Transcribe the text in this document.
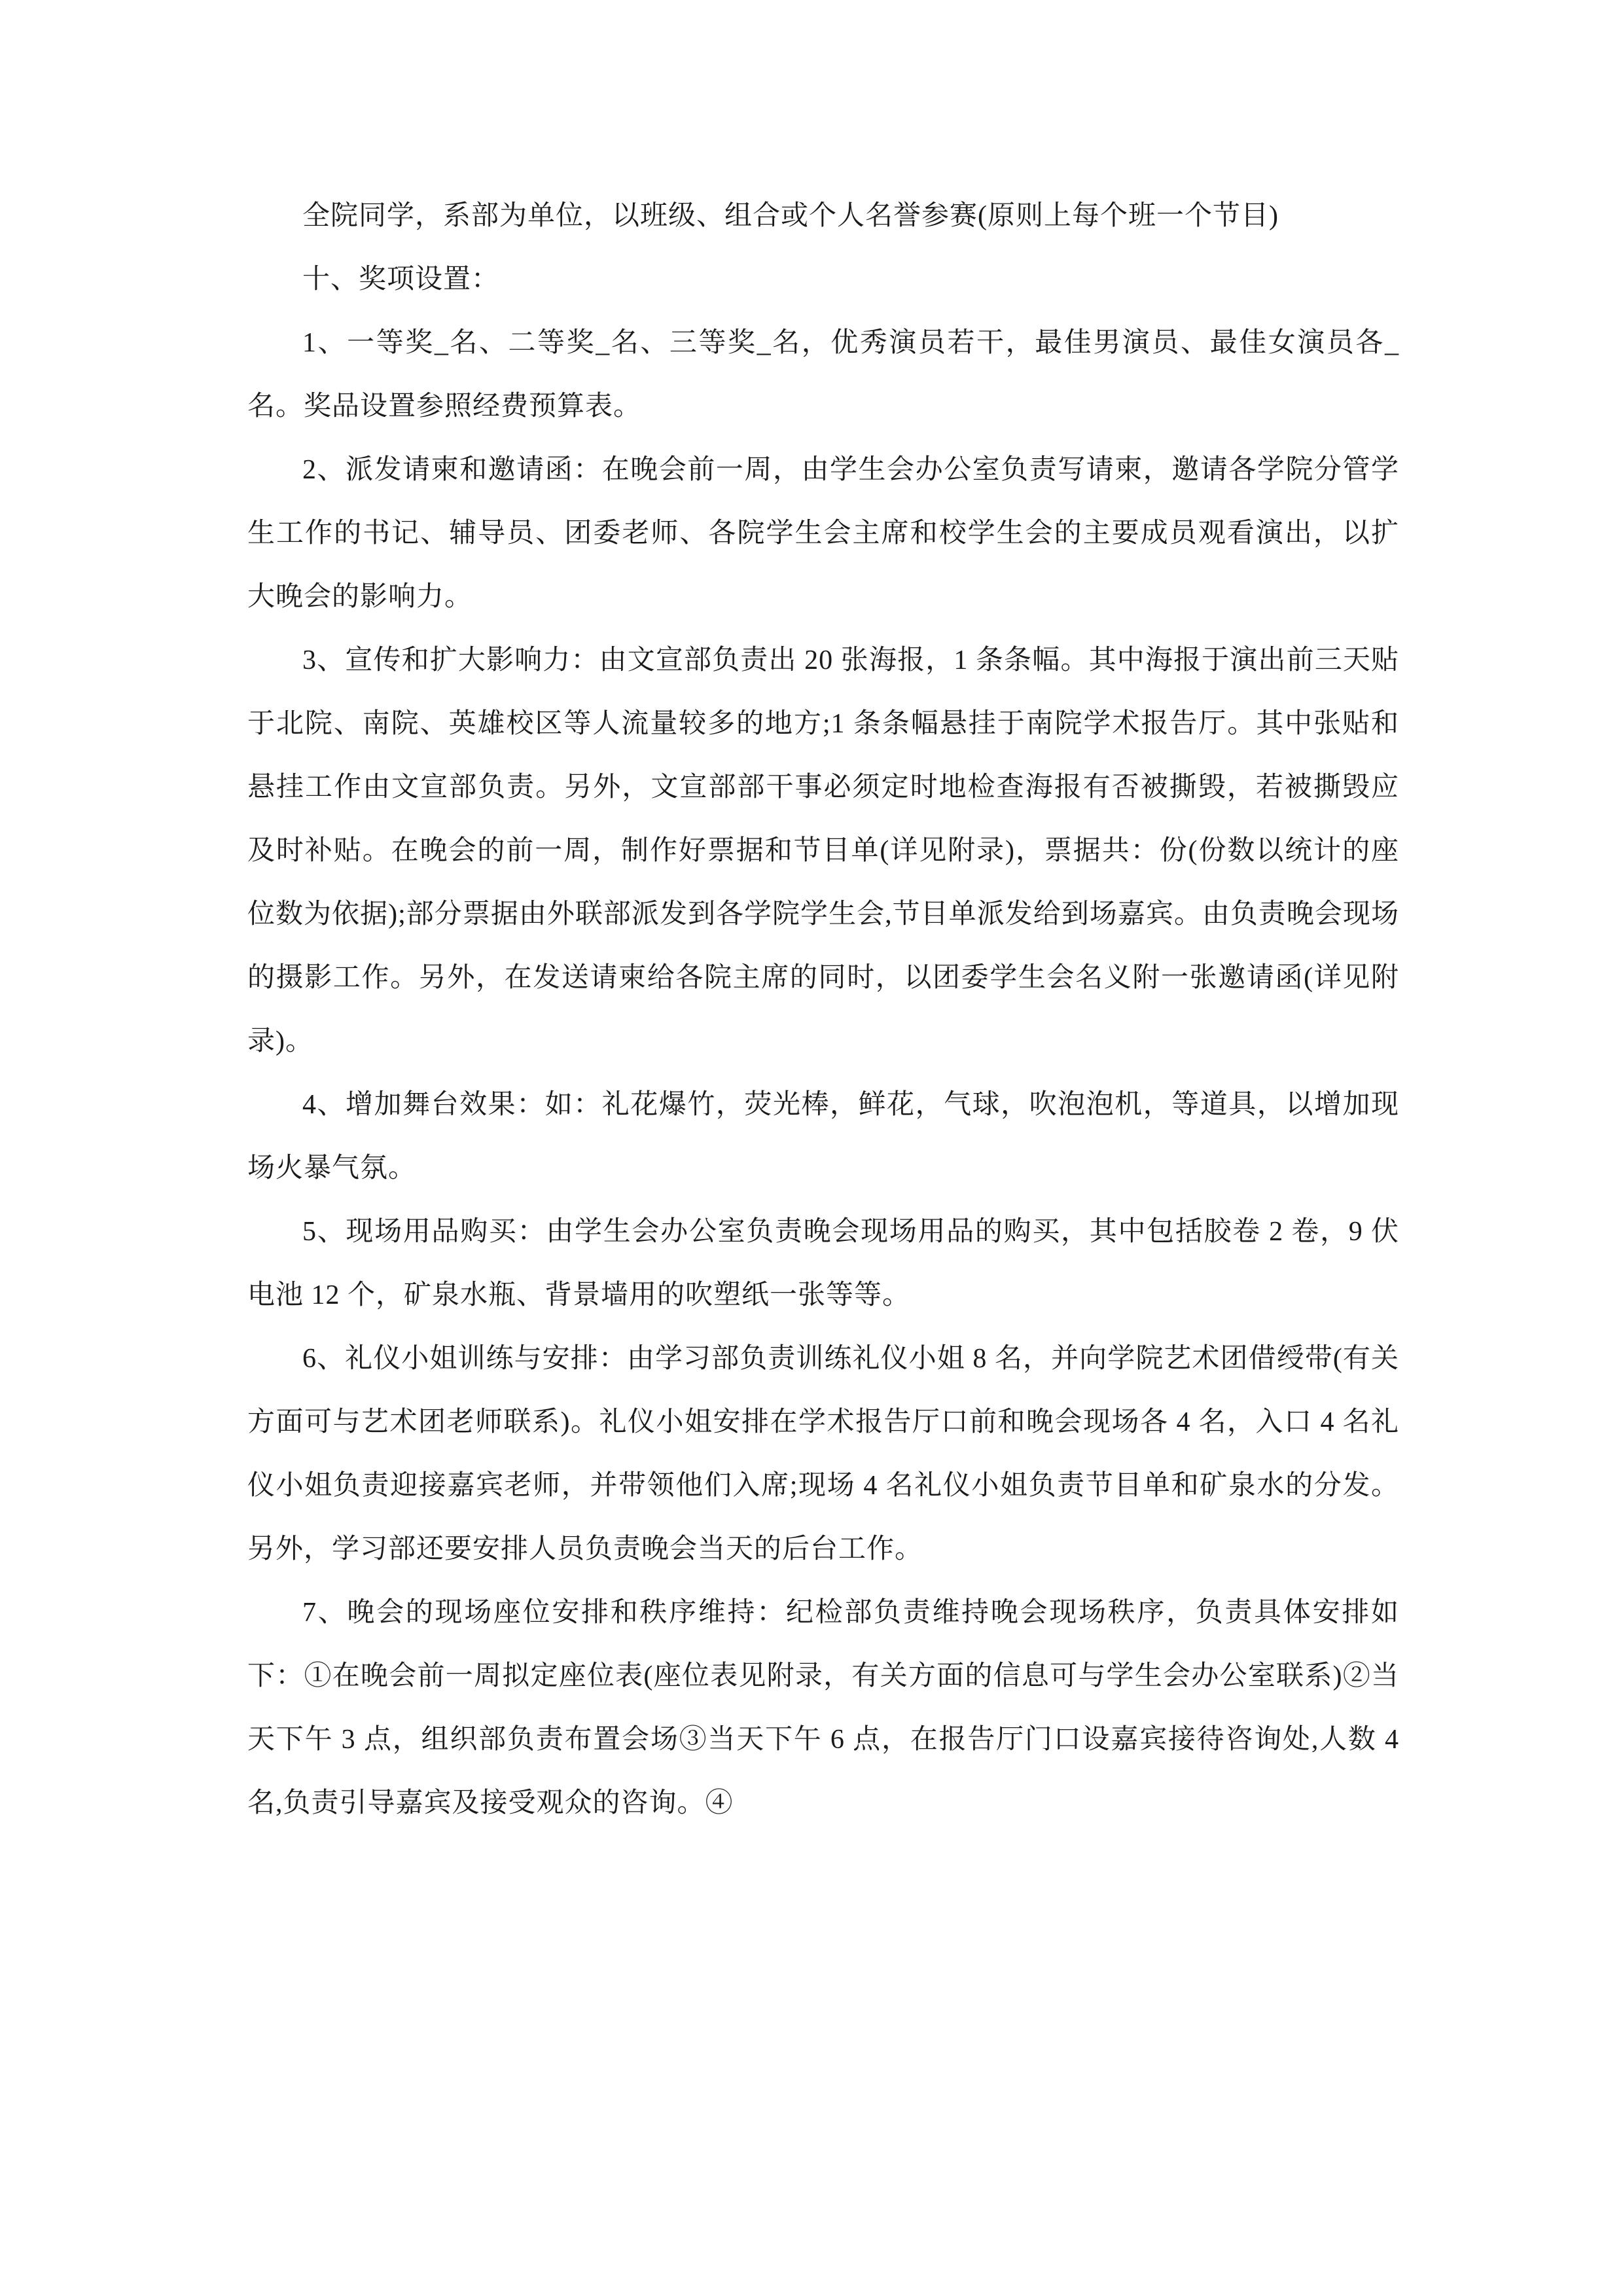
全院同学，系部为单位，以班级、组合或个人名誉参赛(原则上每个班一个节目)

十、奖项设置：

1、一等奖_名、二等奖_名、三等奖_名，优秀演员若干，最佳男演员、最佳女演员各_名。奖品设置参照经费预算表。

2、派发请柬和邀请函：在晚会前一周，由学生会办公室负责写请柬，邀请各学院分管学生工作的书记、辅导员、团委老师、各院学生会主席和校学生会的主要成员观看演出，以扩大晚会的影响力。

3、宣传和扩大影响力：由文宣部负责出 20 张海报，1 条条幅。其中海报于演出前三天贴于北院、南院、英雄校区等人流量较多的地方;1 条条幅悬挂于南院学术报告厅。其中张贴和悬挂工作由文宣部负责。另外，文宣部部干事必须定时地检查海报有否被撕毁，若被撕毁应及时补贴。在晚会的前一周，制作好票据和节目单(详见附录)，票据共：份(份数以统计的座位数为依据);部分票据由外联部派发到各学院学生会,节目单派发给到场嘉宾。由负责晚会现场的摄影工作。另外，在发送请柬给各院主席的同时，以团委学生会名义附一张邀请函(详见附录)。

4、增加舞台效果：如：礼花爆竹，荧光棒，鲜花，气球，吹泡泡机，等道具，以增加现场火暴气氛。

5、现场用品购买：由学生会办公室负责晚会现场用品的购买，其中包括胶卷 2 卷，9 伏电池 12 个，矿泉水瓶、背景墙用的吹塑纸一张等等。

6、礼仪小姐训练与安排：由学习部负责训练礼仪小姐 8 名，并向学院艺术团借绶带(有关方面可与艺术团老师联系)。礼仪小姐安排在学术报告厅口前和晚会现场各 4 名，入口 4 名礼仪小姐负责迎接嘉宾老师，并带领他们入席;现场 4 名礼仪小姐负责节目单和矿泉水的分发。另外，学习部还要安排人员负责晚会当天的后台工作。

7、晚会的现场座位安排和秩序维持：纪检部负责维持晚会现场秩序，负责具体安排如下：①在晚会前一周拟定座位表(座位表见附录，有关方面的信息可与学生会办公室联系)②当天下午 3 点，组织部负责布置会场③当天下午 6 点，在报告厅门口设嘉宾接待咨询处,人数 4 名,负责引导嘉宾及接受观众的咨询。④
